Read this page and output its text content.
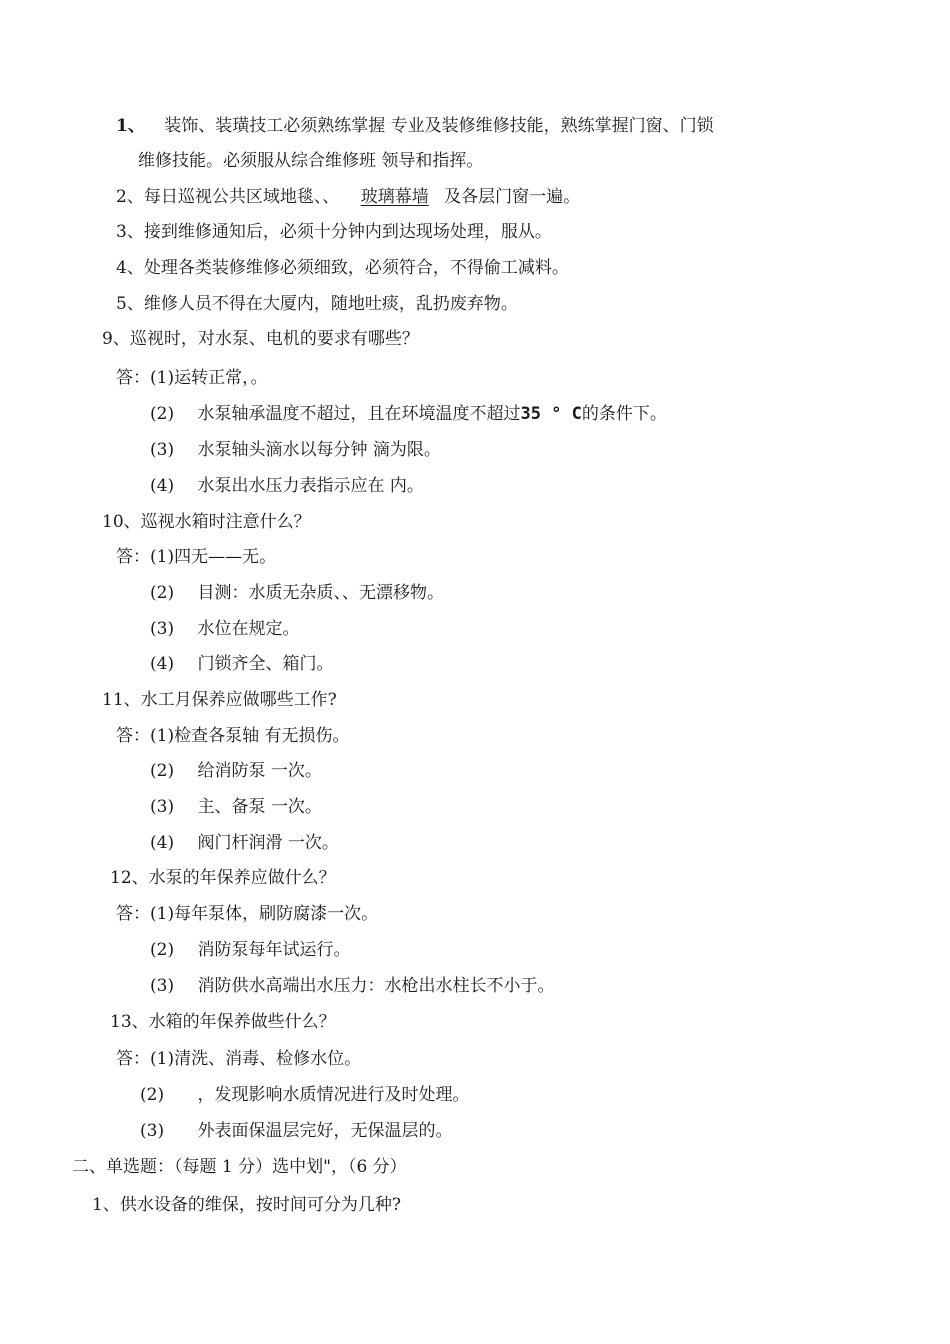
1、 装饰、装璜技工必须熟练掌握 专业及装修维修技能，熟练掌握门窗、门锁
维修技能。必须服从综合维修班 领导和指挥。
2、每日巡视公共区域地毯、、 玻璃幕墙 及各层门窗一遍。
3、接到维修通知后，必须十分钟内到达现场处理，服从。
4、处理各类装修维修必须细致，必须符合，不得偷工减料。
5、维修人员不得在大厦内，随地吐痰，乱扔废弃物。
9、巡视时，对水泵、电机的要求有哪些？
答：(1)运转正常，。
(2) 水泵轴承温度不超过，且在环境温度不超过35 ° C的条件下。
(3) 水泵轴头滴水以每分钟 滴为限。
(4) 水泵出水压力表指示应在 内。
10、巡视水箱时注意什么？
答：(1)四无——无。
(2) 目测：水质无杂质、、无漂移物。
(3) 水位在规定。
(4) 门锁齐全、箱门。
11、水工月保养应做哪些工作?
答：(1)检查各泵轴 有无损伤。
(2) 给消防泵 一次。
(3) 主、备泵 一次。
(4) 阀门杆润滑 一次。
12、水泵的年保养应做什么？
答：(1)每年泵体，刷防腐漆一次。
(2) 消防泵每年试运行。
(3) 消防供水高端出水压力：水枪出水柱长不小于。
13、水箱的年保养做些什么？
答：(1)清洗、消毒、检修水位。
(2) ，发现影响水质情况进行及时处理。
(3) 外表面保温层完好，无保温层的。
二、单选题：（每题 1 分）选中划"，（6 分）
1、供水设备的维保，按时间可分为几种?
